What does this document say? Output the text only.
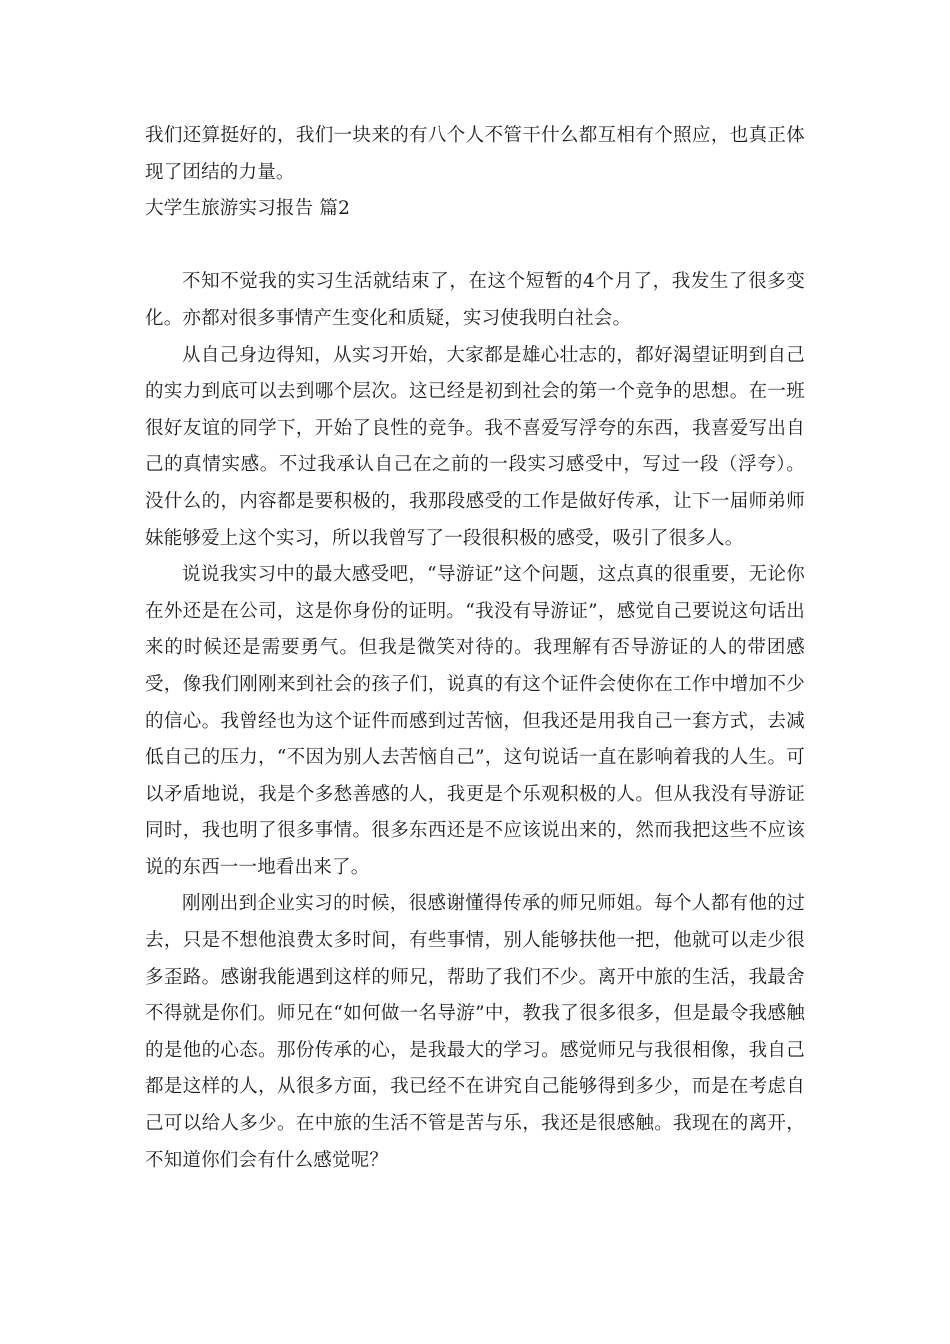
我们还算挺好的，我们一块来的有八个人不管干什么都互相有个照应，也真正体现了团结的力量。

大学生旅游实习报告 篇2

不知不觉我的实习生活就结束了，在这个短暂的4个月了，我发生了很多变化。亦都对很多事情产生变化和质疑，实习使我明白社会。

从自己身边得知，从实习开始，大家都是雄心壮志的，都好渴望证明到自己的实力到底可以去到哪个层次。这已经是初到社会的第一个竞争的思想。在一班很好友谊的同学下，开始了良性的竞争。我不喜爱写浮夸的东西，我喜爱写出自己的真情实感。不过我承认自己在之前的一段实习感受中，写过一段（浮夸）。没什么的，内容都是要积极的，我那段感受的工作是做好传承，让下一届师弟师妹能够爱上这个实习，所以我曾写了一段很积极的感受，吸引了很多人。

说说我实习中的最大感受吧，“导游证”这个问题，这点真的很重要，无论你在外还是在公司，这是你身份的证明。“我没有导游证”，感觉自己要说这句话出来的时候还是需要勇气。但我是微笑对待的。我理解有否导游证的人的带团感受，像我们刚刚来到社会的孩子们，说真的有这个证件会使你在工作中增加不少的信心。我曾经也为这个证件而感到过苦恼，但我还是用我自己一套方式，去减低自己的压力，“不因为别人去苦恼自己”，这句说话一直在影响着我的人生。可以矛盾地说，我是个多愁善感的人，我更是个乐观积极的人。但从我没有导游证同时，我也明了很多事情。很多东西还是不应该说出来的，然而我把这些不应该说的东西一一地看出来了。

刚刚出到企业实习的时候，很感谢懂得传承的师兄师姐。每个人都有他的过去，只是不想他浪费太多时间，有些事情，别人能够扶他一把，他就可以走少很多歪路。感谢我能遇到这样的师兄，帮助了我们不少。离开中旅的生活，我最舍不得就是你们。师兄在“如何做一名导游”中，教我了很多很多，但是最令我感触的是他的心态。那份传承的心，是我最大的学习。感觉师兄与我很相像，我自己都是这样的人，从很多方面，我已经不在讲究自己能够得到多少，而是在考虑自己可以给人多少。在中旅的生活不管是苦与乐，我还是很感触。我现在的离开，不知道你们会有什么感觉呢？
